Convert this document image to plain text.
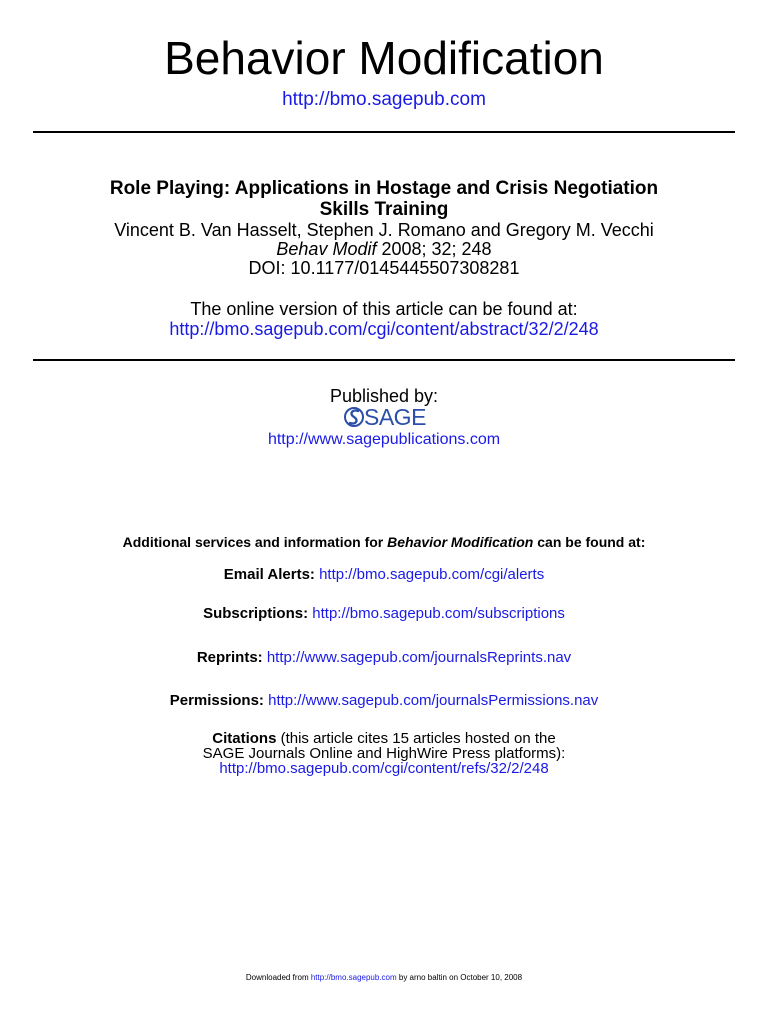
Behavior Modification
http://bmo.sagepub.com
Role Playing: Applications in Hostage and Crisis Negotiation
Skills Training
Vincent B. Van Hasselt, Stephen J. Romano and Gregory M. Vecchi
Behav Modif 2008; 32; 248
DOI: 10.1177/0145445507308281
The online version of this article can be found at:
http://bmo.sagepub.com/cgi/content/abstract/32/2/248
Published by:
SAGE
http://www.sagepublications.com
Additional services and information for Behavior Modification can be found at:
Email Alerts: http://bmo.sagepub.com/cgi/alerts
Subscriptions: http://bmo.sagepub.com/subscriptions
Reprints: http://www.sagepub.com/journalsReprints.nav
Permissions: http://www.sagepub.com/journalsPermissions.nav
Citations (this article cites 15 articles hosted on the
SAGE Journals Online and HighWire Press platforms):
http://bmo.sagepub.com/cgi/content/refs/32/2/248
Downloaded from http://bmo.sagepub.com by arno baltin on October 10, 2008
